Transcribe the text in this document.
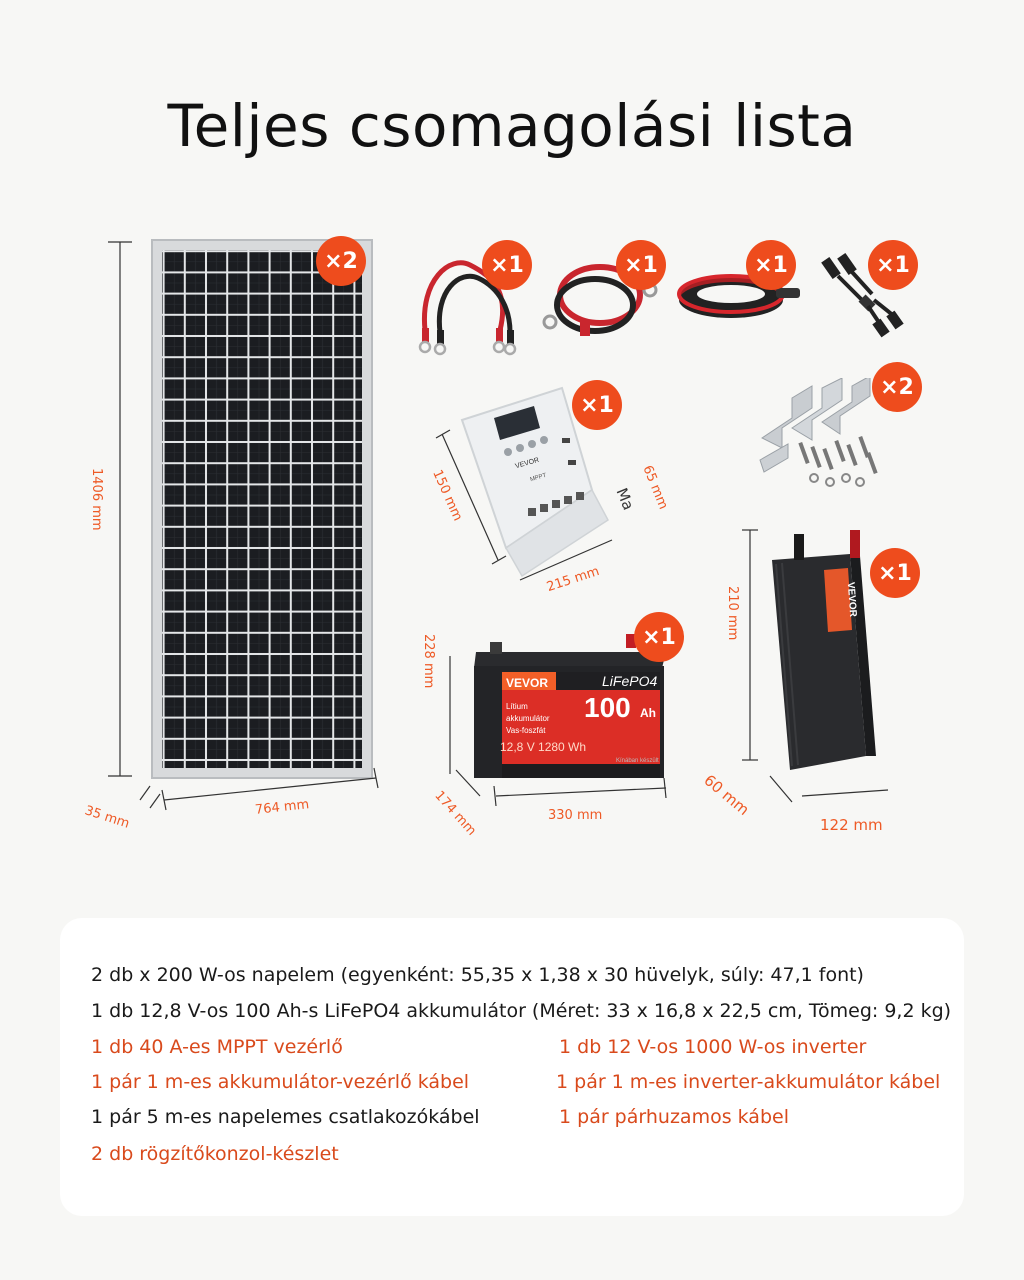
Teljes csomagolási lista
×2
1406 mm
764 mm
35 mm
×1	×1	×1	×1
VEVOR
MPPT
×1
150 mm
215 mm
65 mm
Ma
×2
VEVOR	LiFePO4
Lítium
akkumulátor
Vas-foszfát
100 Ah
12,8 V 1280 Wh
Kínában készült
×1
228 mm
330 mm
174 mm
VEVOR
×1
210 mm
122 mm
60 mm
2 db x 200 W-os napelem (egyenként: 55,35 x 1,38 x 30 hüvelyk, súly: 47,1 font)
1 db 12,8 V-os 100 Ah-s LiFePO4 akkumulátor (Méret: 33 x 16,8 x 22,5 cm, Tömeg: 9,2 kg)
1 db 40 A-es MPPT vezérlő
1 pár 1 m-es akkumulátor-vezérlő kábel
1 pár 5 m-es napelemes csatlakozókábel
2 db rögzítőkonzol-készlet
1 db 12 V-os 1000 W-os inverter
1 pár 1 m-es inverter-akkumulátor kábel
1 pár párhuzamos kábel
